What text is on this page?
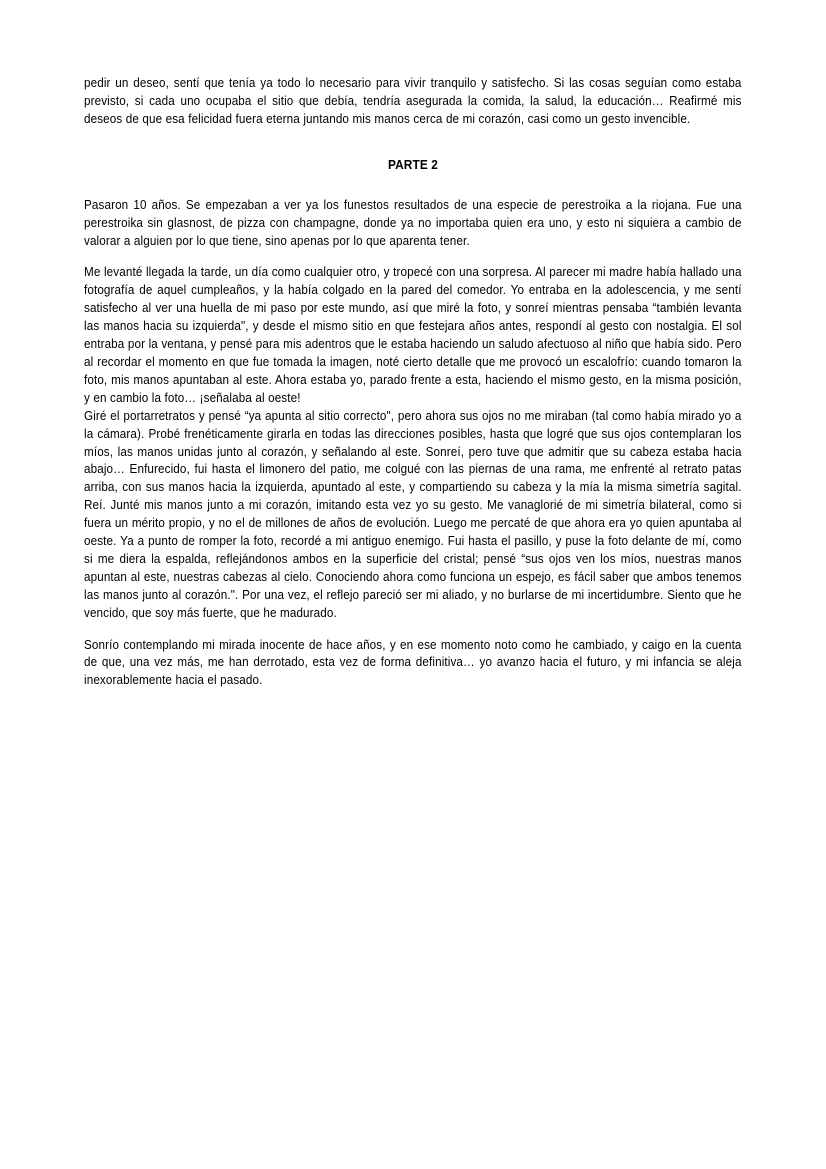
pedir un deseo, sentí que tenía ya todo lo necesario para vivir tranquilo y satisfecho. Si las cosas seguían como estaba previsto, si cada uno ocupaba el sitio que debía, tendría asegurada la comida, la salud, la educación… Reafirmé mis deseos de que esa felicidad fuera eterna juntando mis manos cerca de mi corazón, casi como un gesto invencible.

PARTE 2

Pasaron 10 años. Se empezaban a ver ya los funestos resultados de una especie de perestroika a la riojana. Fue una perestroika sin glasnost, de pizza con champagne, donde ya no importaba quien era uno, y esto ni siquiera a cambio de valorar a alguien por lo que tiene, sino apenas por lo que aparenta tener.

Me levanté llegada la tarde, un día como cualquier otro, y tropecé con una sorpresa. Al parecer mi madre había hallado una fotografía de aquel cumpleaños, y la había colgado en la pared del comedor. Yo entraba en la adolescencia, y me sentí satisfecho al ver una huella de mi paso por este mundo, así que miré la foto, y sonreí mientras pensaba “también levanta las manos hacia su izquierda", y desde el mismo sitio en que festejara años antes, respondí al gesto con nostalgia. El sol entraba por la ventana, y pensé para mis adentros que le estaba haciendo un saludo afectuoso al niño que había sido. Pero al recordar el momento en que fue tomada la imagen, noté cierto detalle que me provocó un escalofrío: cuando tomaron la foto, mis manos apuntaban al este. Ahora estaba yo, parado frente a esta, haciendo el mismo gesto, en la misma posición, y en cambio la foto… ¡señalaba al oeste!

Giré el portarretratos y pensé “ya apunta al sitio correcto", pero ahora sus ojos no me miraban (tal como había mirado yo a la cámara). Probé frenéticamente girarla en todas las direcciones posibles, hasta que logré que sus ojos contemplaran los míos, las manos unidas junto al corazón, y señalando al este. Sonreí, pero tuve que admitir que su cabeza estaba hacia abajo… Enfurecido, fui hasta el limonero del patio, me colgué con las piernas de una rama, me enfrenté al retrato patas arriba, con sus manos hacia la izquierda, apuntado al este, y compartiendo su cabeza y la mía la misma simetría sagital. Reí. Junté mis manos junto a mi corazón, imitando esta vez yo su gesto. Me vanaglorié de mi simetría bilateral, como si fuera un mérito propio, y no el de millones de años de evolución. Luego me percaté de que ahora era yo quien apuntaba al oeste. Ya a punto de romper la foto, recordé a mi antiguo enemigo. Fui hasta el pasillo, y puse la foto delante de mí, como si me diera la espalda, reflejándonos ambos en la superficie del cristal; pensé “sus ojos ven los míos, nuestras manos apuntan al este, nuestras cabezas al cielo. Conociendo ahora como funciona un espejo, es fácil saber que ambos tenemos las manos junto al corazón.". Por una vez, el reflejo pareció ser mi aliado, y no burlarse de mi incertidumbre. Siento que he vencido, que soy más fuerte, que he madurado.

Sonrío contemplando mi mirada inocente de hace años, y en ese momento noto como he cambiado, y caigo en la cuenta de que, una vez más, me han derrotado, esta vez de forma definitiva… yo avanzo hacia el futuro, y mi infancia se aleja inexorablemente hacia el pasado.
